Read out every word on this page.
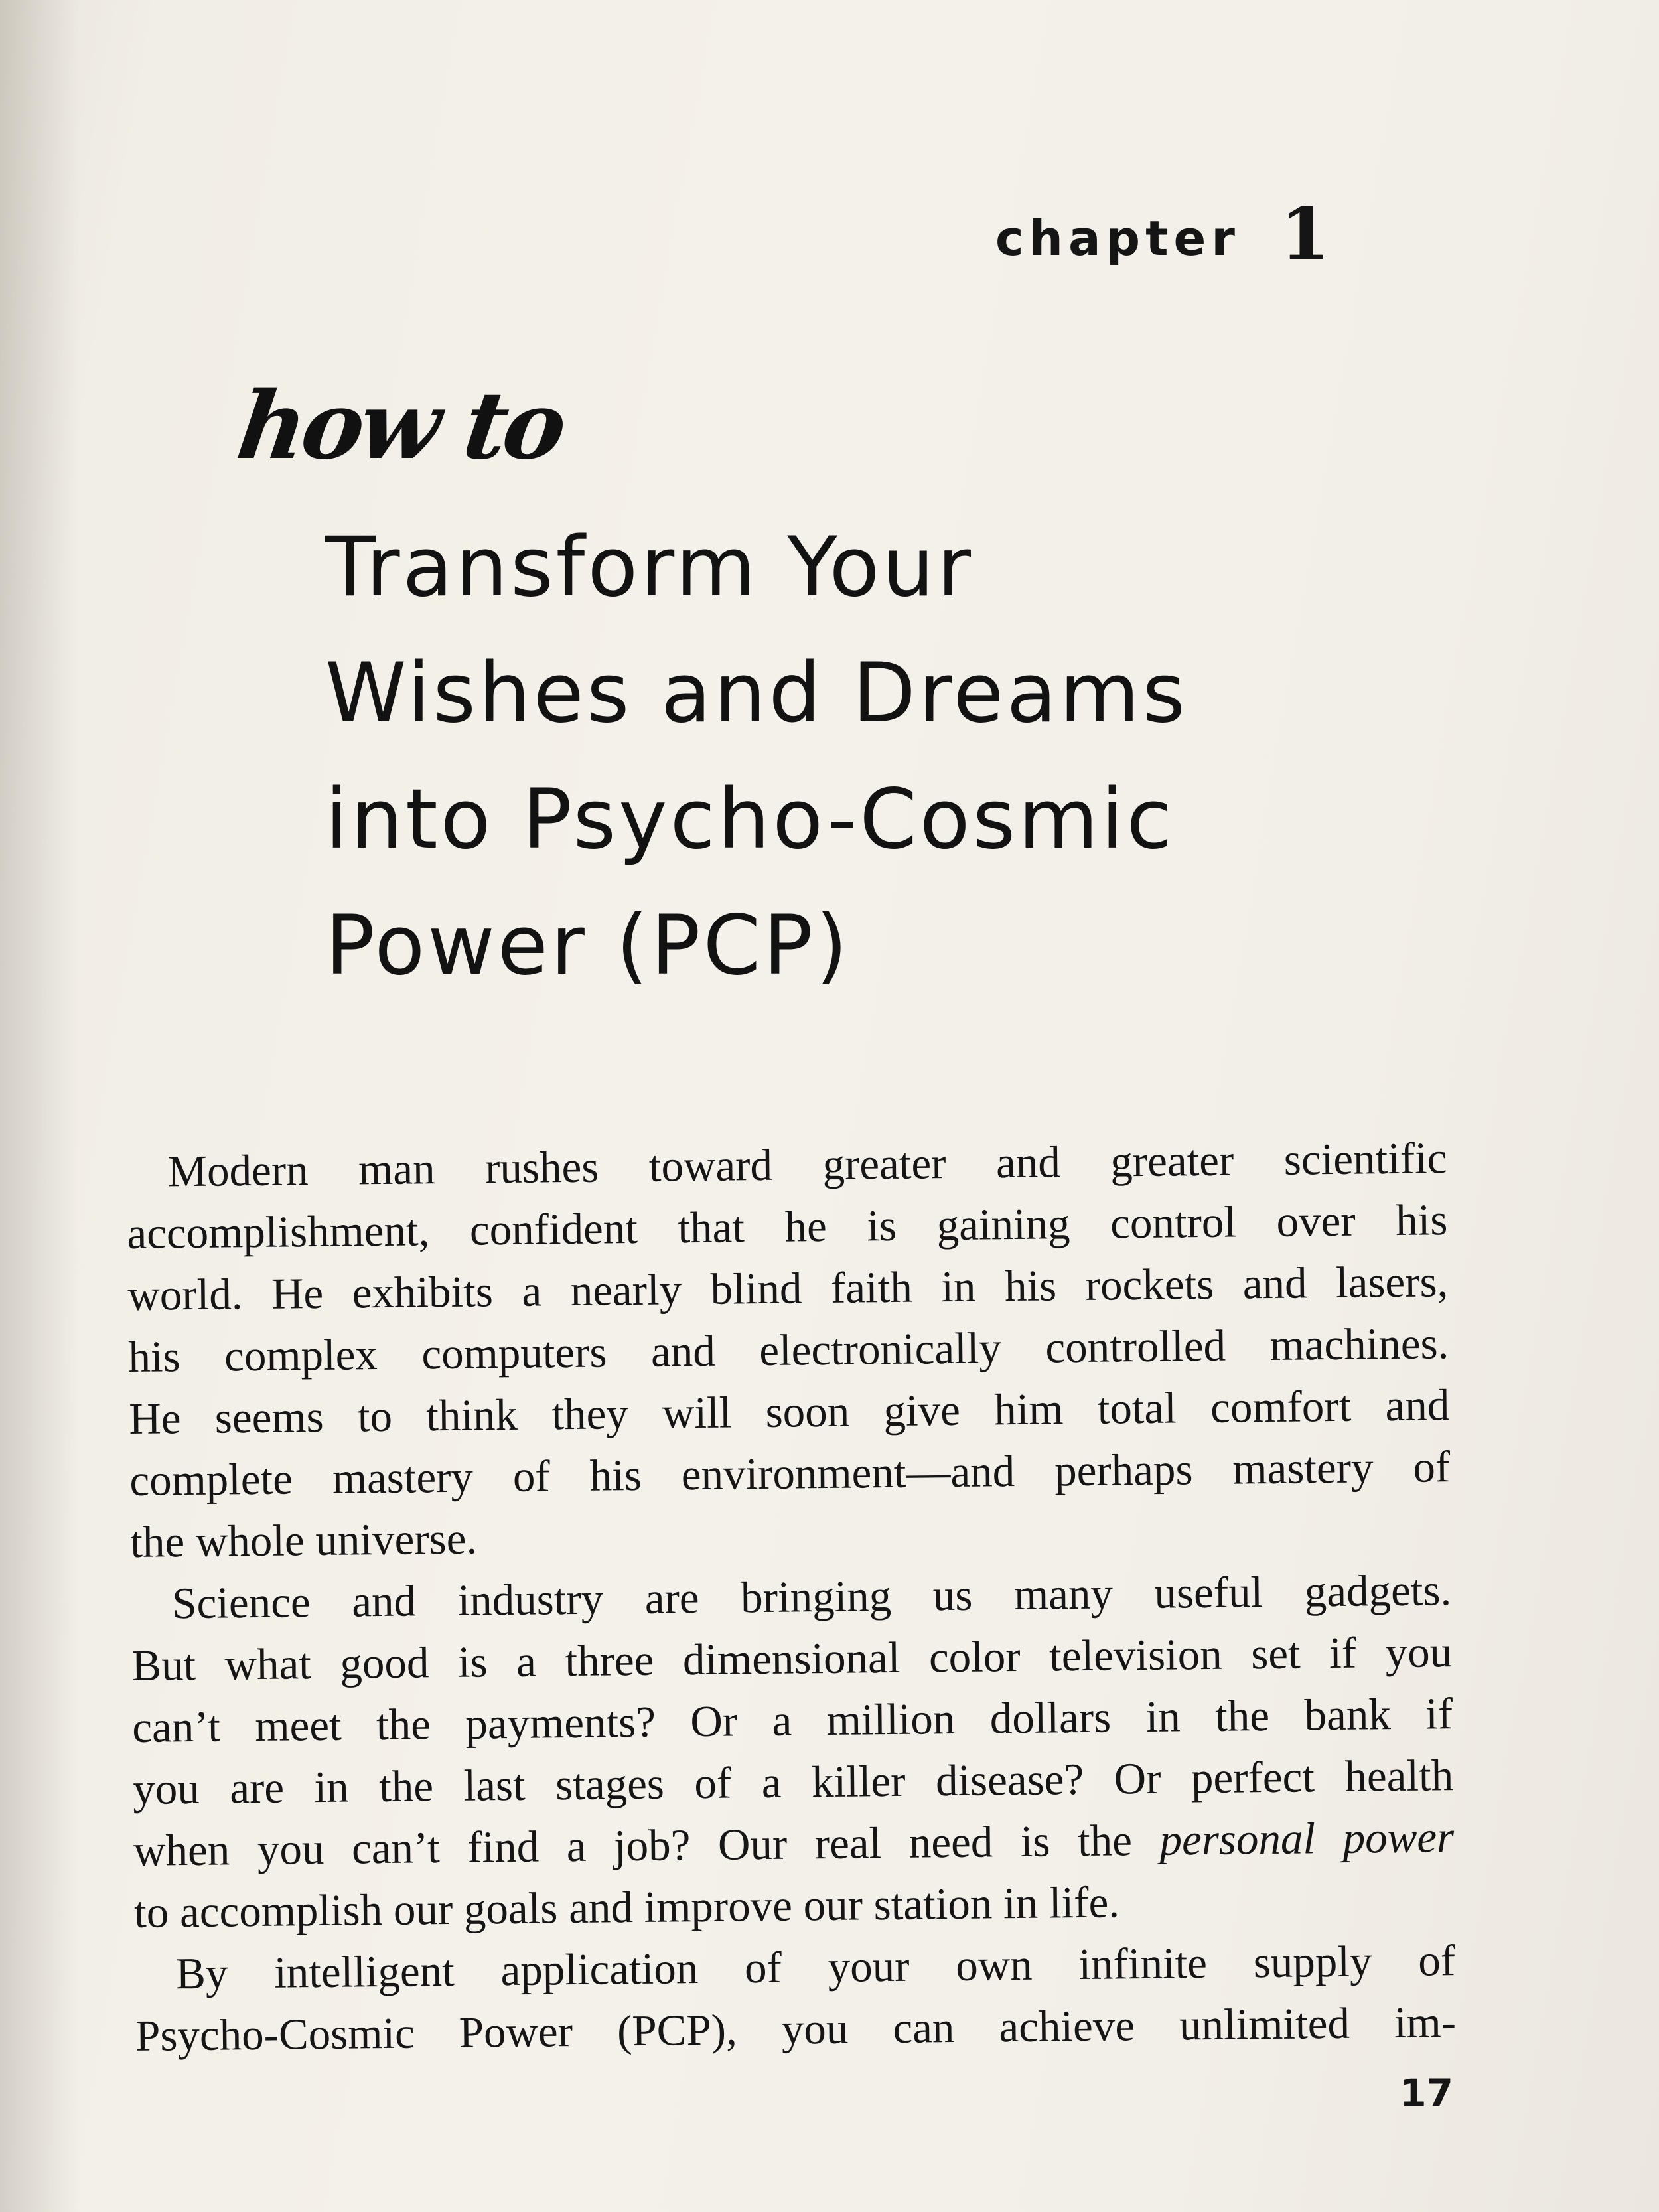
chapter 1
how to
Transform Your
Wishes and Dreams
into Psycho-Cosmic
Power (PCP)
Modern man rushes toward greater and greater scientific
accomplishment, confident that he is gaining control over his
world. He exhibits a nearly blind faith in his rockets and lasers,
his complex computers and electronically controlled machines.
He seems to think they will soon give him total comfort and
complete mastery of his environment—and perhaps mastery of
the whole universe.
Science and industry are bringing us many useful gadgets.
But what good is a three dimensional color television set if you
can’t meet the payments? Or a million dollars in the bank if
you are in the last stages of a killer disease? Or perfect health
when you can’t find a job? Our real need is the personal power
to accomplish our goals and improve our station in life.
By intelligent application of your own infinite supply of
Psycho-Cosmic Power (PCP), you can achieve unlimited im-
17
